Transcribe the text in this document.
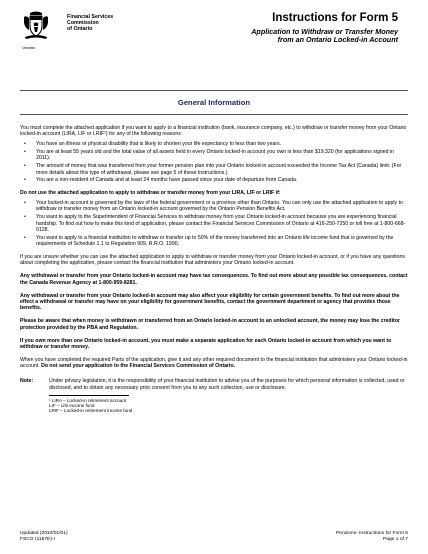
Ontario
Financial Services
Commission
of Ontario
Instructions for Form 5
Application to Withdraw or Transfer Money
from an Ontario Locked-in Account
General Information

You must complete the attached application if you want to apply to a financial institution (bank, insurance company, etc.) to withdraw or transfer money from your Ontario locked-in account (LIRA, LIF or LRIF¹) for any of the following reasons:

• You have an illness or physical disability that is likely to shorten your life expectancy to less than two years.
• You are at least 55 years old and the total value of all assets held in every Ontario locked-in account you own is less than $19,320 (for applications signed in 2011).
• The amount of money that was transferred from your former pension plan into your Ontario locked-in account exceeded the Income Tax Act (Canada) limit. (For more details about this type of withdrawal, please see page 5 of these Instructions.)
• You are a non-resident of Canada and at least 24 months have passed since your date of departure from Canada.

Do not use the attached application to apply to withdraw or transfer money from your LIRA, LIF or LRIF if:

• Your locked-in account is governed by the laws of the federal government or a province other than Ontario. You can only use the attached application to apply to withdraw or transfer money from an Ontario locked-in account governed by the Ontario Pension Benefits Act.
• You want to apply to the Superintendent of Financial Services to withdraw money from your Ontario locked-in account because you are experiencing financial hardship. To find out how to make this kind of application, please contact the Financial Services Commission of Ontario at 416-250-7250 or toll free at 1-800-668-0128.
• You want to apply to a financial institution to withdraw or transfer up to 50% of the money transferred into an Ontario life income fund that is governed by the requirements of Schedule 1.1 to Regulation 909, R.R.O. 1990.

If you are unsure whether you can use the attached application to apply to withdraw or transfer money from your Ontario locked-in account, or if you have any questions about completing the application, please contact the financial institution that administers your Ontario locked-in account.

Any withdrawal or transfer from your Ontario locked-in account may have tax consequences. To find out more about any possible tax consequences, contact the Canada Revenue Agency at 1-800-959-8281.

Any withdrawal or transfer from your Ontario locked-in account may also affect your eligibility for certain government benefits. To find out more about the effect a withdrawal or transfer may have on your eligibility for government benefits, contact the government department or agency that provides those benefits.

Please be aware that when money is withdrawn or transferred from an Ontario locked-in account to an unlocked account, the money may lose the creditor protection provided by the PBA and Regulation.

If you own more than one Ontario locked-in account, you must make a separate application for each Ontario locked-in account from which you want to withdraw or transfer money.

When you have completed the required Parts of the application, give it and any other required document to the financial institution that administers your Ontario locked-in account. Do not send your application to the Financial Services Commission of Ontario.

Note:	Under privacy legislation, it is the responsibility of your financial institution to advise you of the purposes for which personal information is collected, used or disclosed, and to obtain any necessary prior consent from you to any such collection, use or disclosure.
¹ LIRA – Locked-in retirement account
LIF – Life income fund
LRIF – Locked-in retirement income fund
Updated (2010/01/01)
FSCO (1167E)-I
Pensions- Instructions for Form 5
Page 1 of 7
